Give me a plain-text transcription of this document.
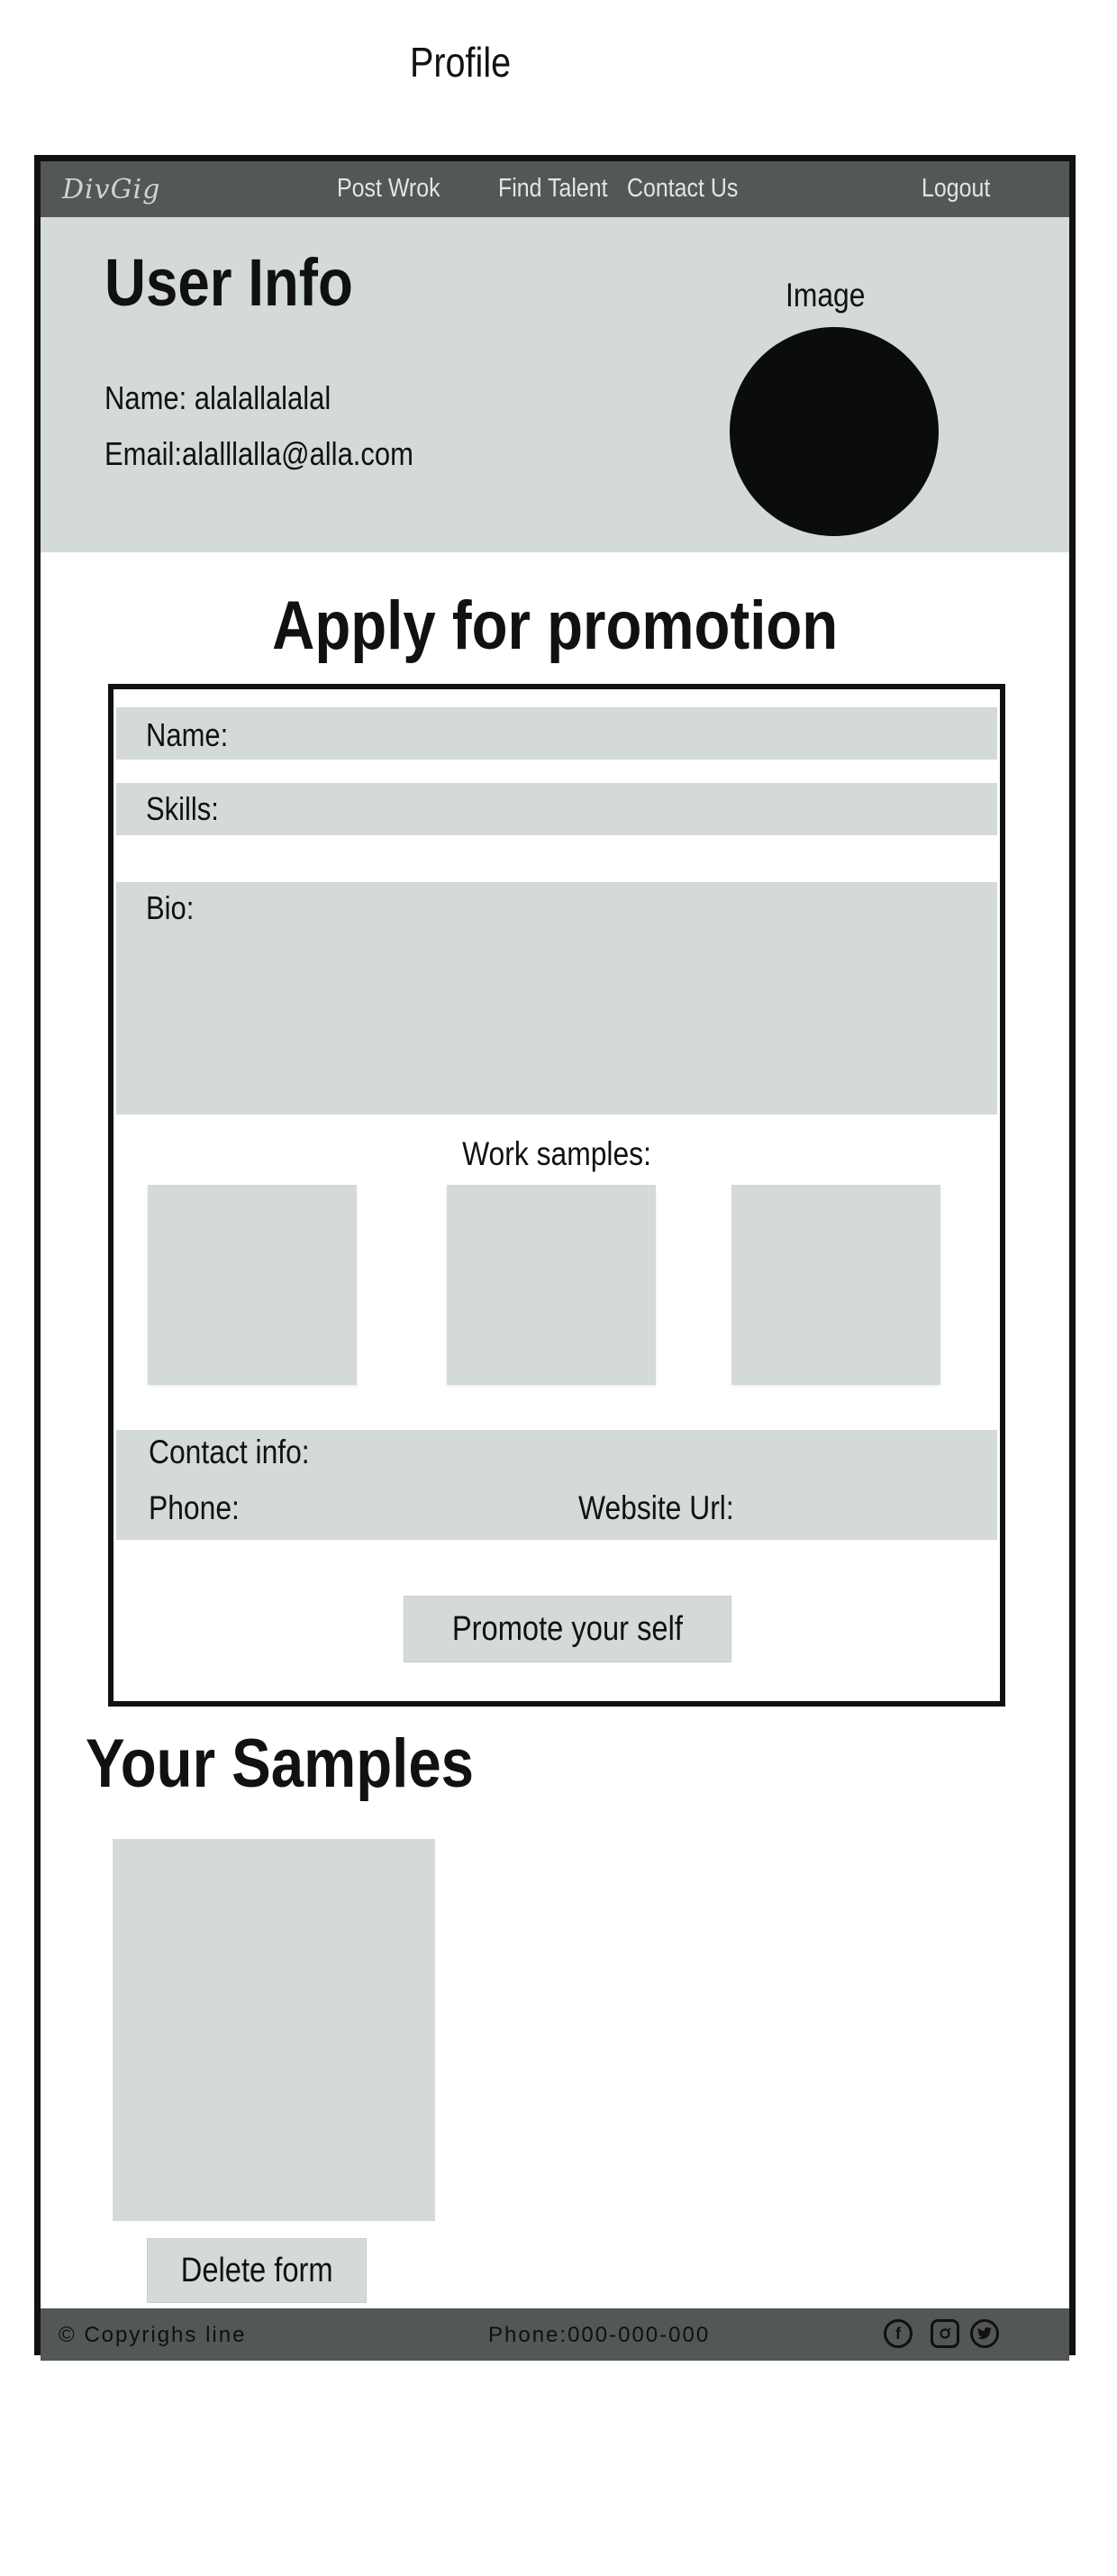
Profile
DivGig	Post Wrok Find Talent Contact Us	Logout
User Info
Name: alalallalalal
Email:alalllalla@alla.com
Image
Apply for promotion
Name:
Skills:
Bio:
Work samples:
Contact info:
Phone:	Website Url:
Promote your self
Your Samples
Delete form
© Copyrighs line	Phone:000-000-000	f
